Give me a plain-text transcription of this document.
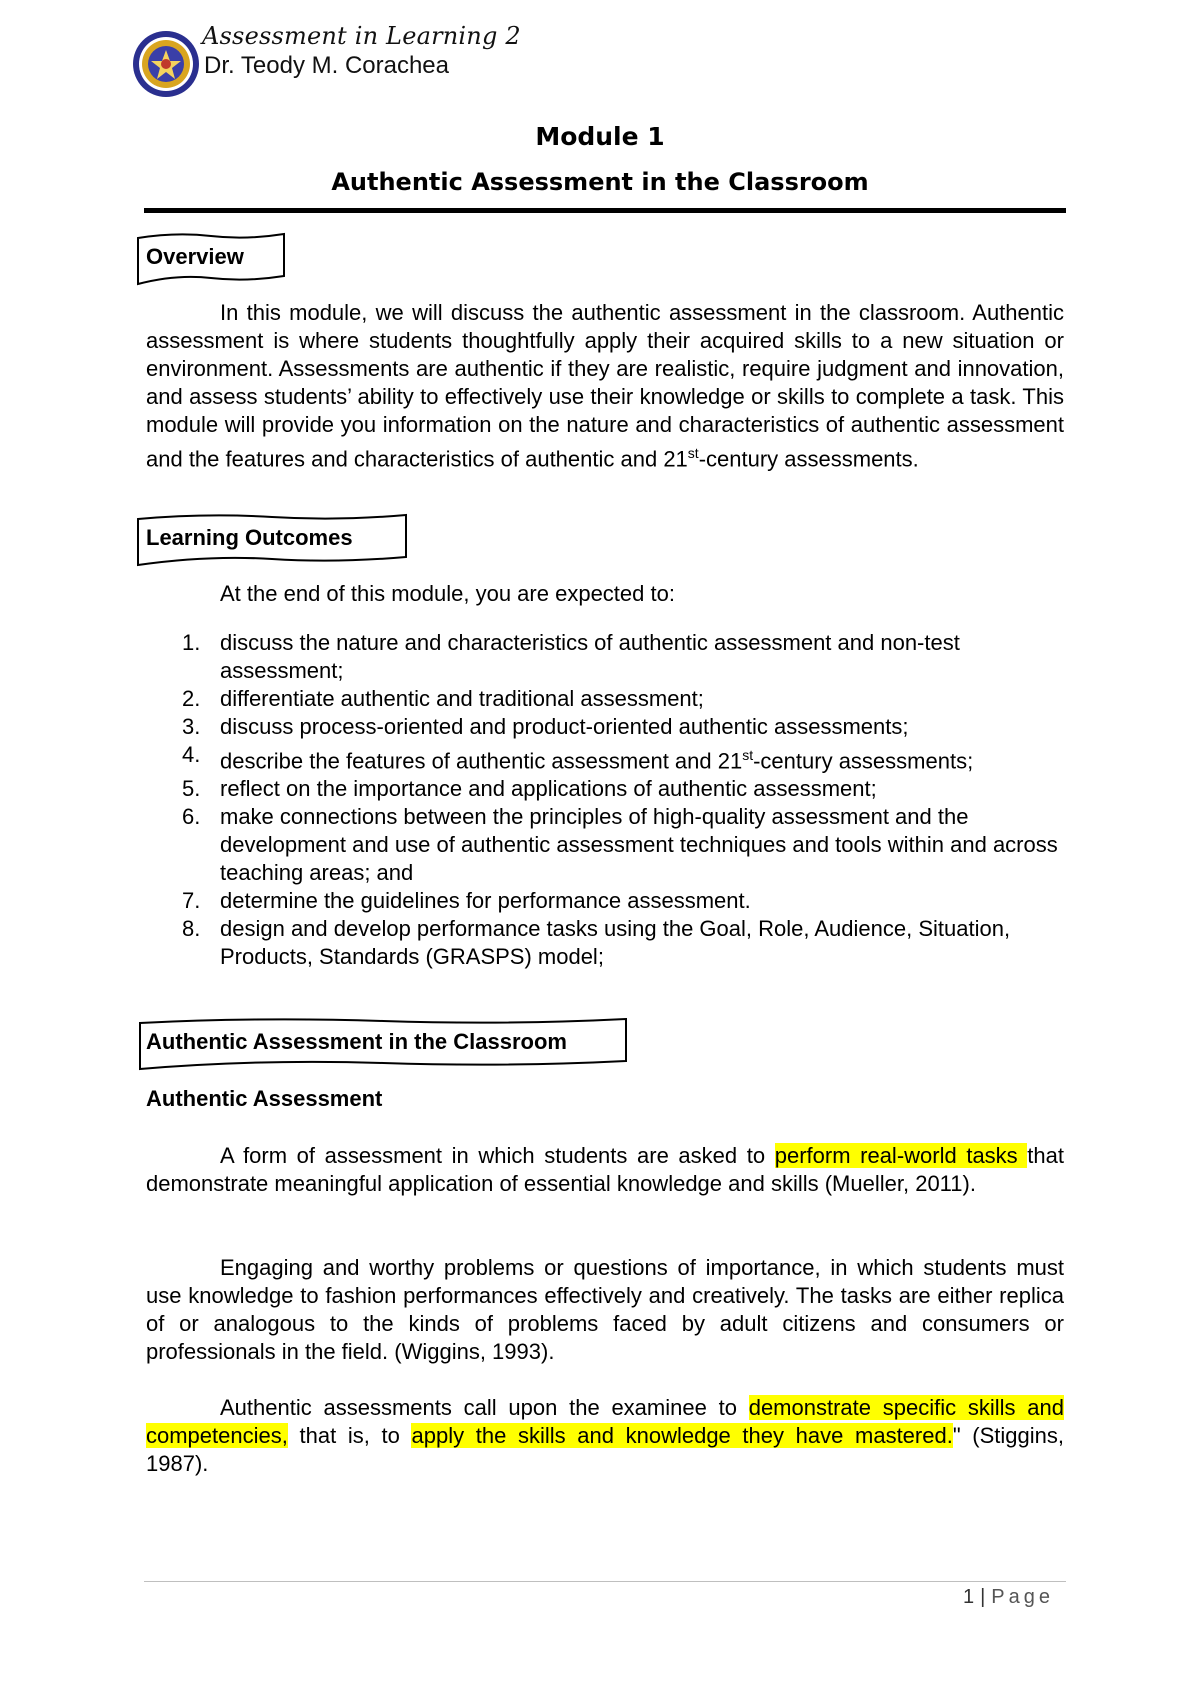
Assessment in Learning 2
Dr. Teody M. Corachea
Module 1
Authentic Assessment in the Classroom
Overview
In this module, we will discuss the authentic assessment in the classroom. Authentic assessment is where students thoughtfully apply their acquired skills to a new situation or environment. Assessments are authentic if they are realistic, require judgment and innovation, and assess students’ ability to effectively use their knowledge or skills to complete a task. This module will provide you information on the nature and characteristics of authentic assessment and the features and characteristics of authentic and 21st-century assessments.
Learning Outcomes
At the end of this module, you are expected to:
1. discuss the nature and characteristics of authentic assessment and non-test assessment;
2. differentiate authentic and traditional assessment;
3. discuss process-oriented and product-oriented authentic assessments;
4. describe the features of authentic assessment and 21st-century assessments;
5. reflect on the importance and applications of authentic assessment;
6. make connections between the principles of high-quality assessment and the development and use of authentic assessment techniques and tools within and across teaching areas; and
7. determine the guidelines for performance assessment.
8. design and develop performance tasks using the Goal, Role, Audience, Situation, Products, Standards (GRASPS) model;
Authentic Assessment in the Classroom
Authentic Assessment
A form of assessment in which students are asked to perform real-world tasks that demonstrate meaningful application of essential knowledge and skills (Mueller, 2011).
Engaging and worthy problems or questions of importance, in which students must use knowledge to fashion performances effectively and creatively. The tasks are either replica of or analogous to the kinds of problems faced by adult citizens and consumers or professionals in the field. (Wiggins, 1993).
Authentic assessments call upon the examinee to demonstrate specific skills and competencies, that is, to apply the skills and knowledge they have mastered." (Stiggins, 1987).
1 | Page
